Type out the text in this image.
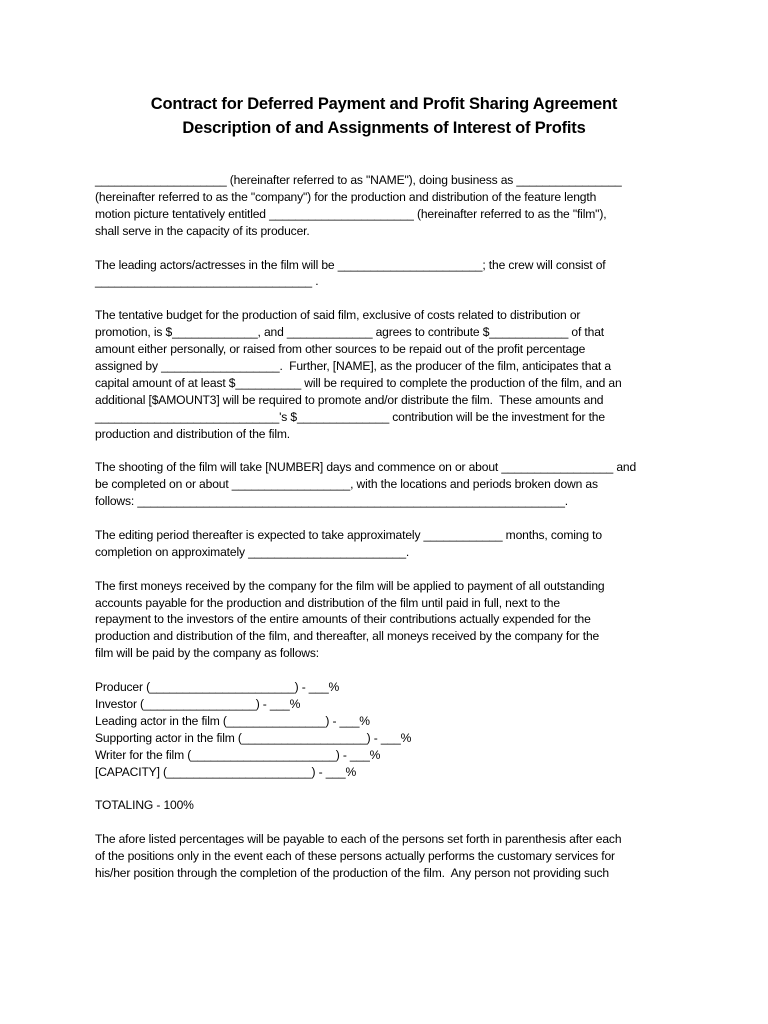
Contract for Deferred Payment and Profit Sharing Agreement

Description of and Assignments of Interest of Profits

____________________ (hereinafter referred to as "NAME"), doing business as ________________
(hereinafter referred to as the "company") for the production and distribution of the feature length
motion picture tentatively entitled ______________________ (hereinafter referred to as the "film"),
shall serve in the capacity of its producer.
The leading actors/actresses in the film will be ______________________; the crew will consist of
_________________________________ .
The tentative budget for the production of said film, exclusive of costs related to distribution or
promotion, is $_____________, and _____________ agrees to contribute $____________ of that
amount either personally, or raised from other sources to be repaid out of the profit percentage
assigned by __________________.  Further, [NAME], as the producer of the film, anticipates that a
capital amount of at least $__________ will be required to complete the production of the film, and an
additional [$AMOUNT3] will be required to promote and/or distribute the film.  These amounts and
____________________________'s $______________ contribution will be the investment for the
production and distribution of the film.
The shooting of the film will take [NUMBER] days and commence on or about _________________ and
be completed on or about __________________, with the locations and periods broken down as
follows: _________________________________________________________________.
The editing period thereafter is expected to take approximately ____________ months, coming to
completion on approximately ________________________.
The first moneys received by the company for the film will be applied to payment of all outstanding
accounts payable for the production and distribution of the film until paid in full, next to the
repayment to the investors of the entire amounts of their contributions actually expended for the
production and distribution of the film, and thereafter, all moneys received by the company for the
film will be paid by the company as follows:
Producer (______________________) - ___%
Investor (_________________) - ___%
Leading actor in the film (_______________) - ___%
Supporting actor in the film (___________________) - ___%
Writer for the film (______________________) - ___%
[CAPACITY] (______________________) - ___%
TOTALING - 100%
The afore listed percentages will be payable to each of the persons set forth in parenthesis after each
of the positions only in the event each of these persons actually performs the customary services for
his/her position through the completion of the production of the film.  Any person not providing such
